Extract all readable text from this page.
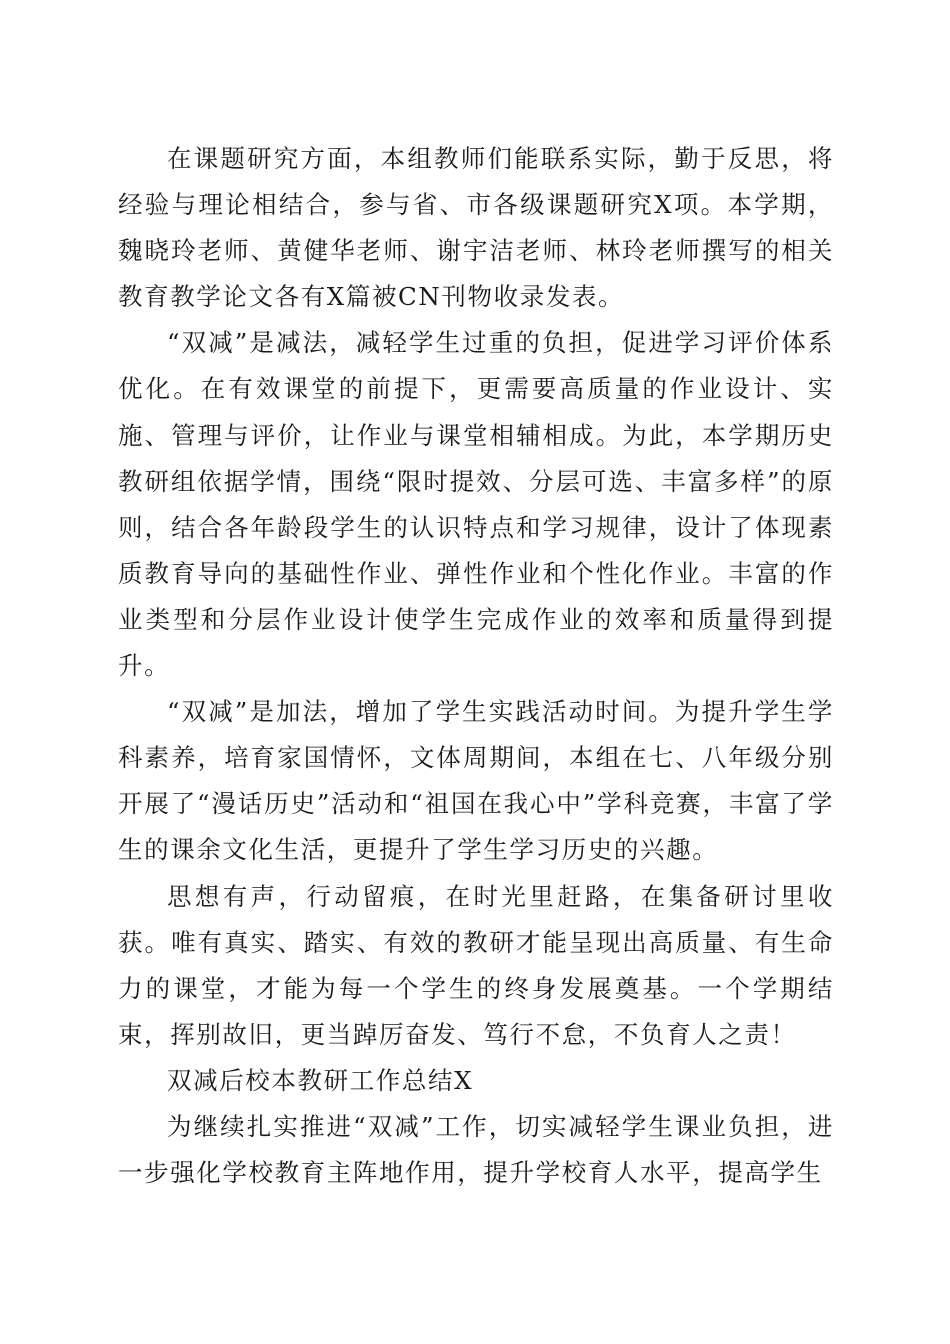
在课题研究方面，本组教师们能联系实际，勤于反思，将经验与理论相结合，参与省、市各级课题研究X项。本学期，魏晓玲老师、黄健华老师、谢宇洁老师、林玲老师撰写的相关教育教学论文各有X篇被CN刊物收录发表。

“双减”是减法，减轻学生过重的负担，促进学习评价体系优化。在有效课堂的前提下，更需要高质量的作业设计、实施、管理与评价，让作业与课堂相辅相成。为此，本学期历史教研组依据学情，围绕“限时提效、分层可选、丰富多样”的原则，结合各年龄段学生的认识特点和学习规律，设计了体现素质教育导向的基础性作业、弹性作业和个性化作业。丰富的作业类型和分层作业设计使学生完成作业的效率和质量得到提升。

“双减”是加法，增加了学生实践活动时间。为提升学生学科素养，培育家国情怀，文体周期间，本组在七、八年级分别开展了“漫话历史”活动和“祖国在我心中”学科竞赛，丰富了学生的课余文化生活，更提升了学生学习历史的兴趣。

思想有声，行动留痕，在时光里赶路，在集备研讨里收获。唯有真实、踏实、有效的教研才能呈现出高质量、有生命力的课堂，才能为每一个学生的终身发展奠基。一个学期结束，挥别故旧，更当踔厉奋发、笃行不怠，不负育人之责！

双减后校本教研工作总结X

为继续扎实推进“双减”工作，切实减轻学生课业负担，进一步强化学校教育主阵地作用，提升学校育人水平，提高学生
